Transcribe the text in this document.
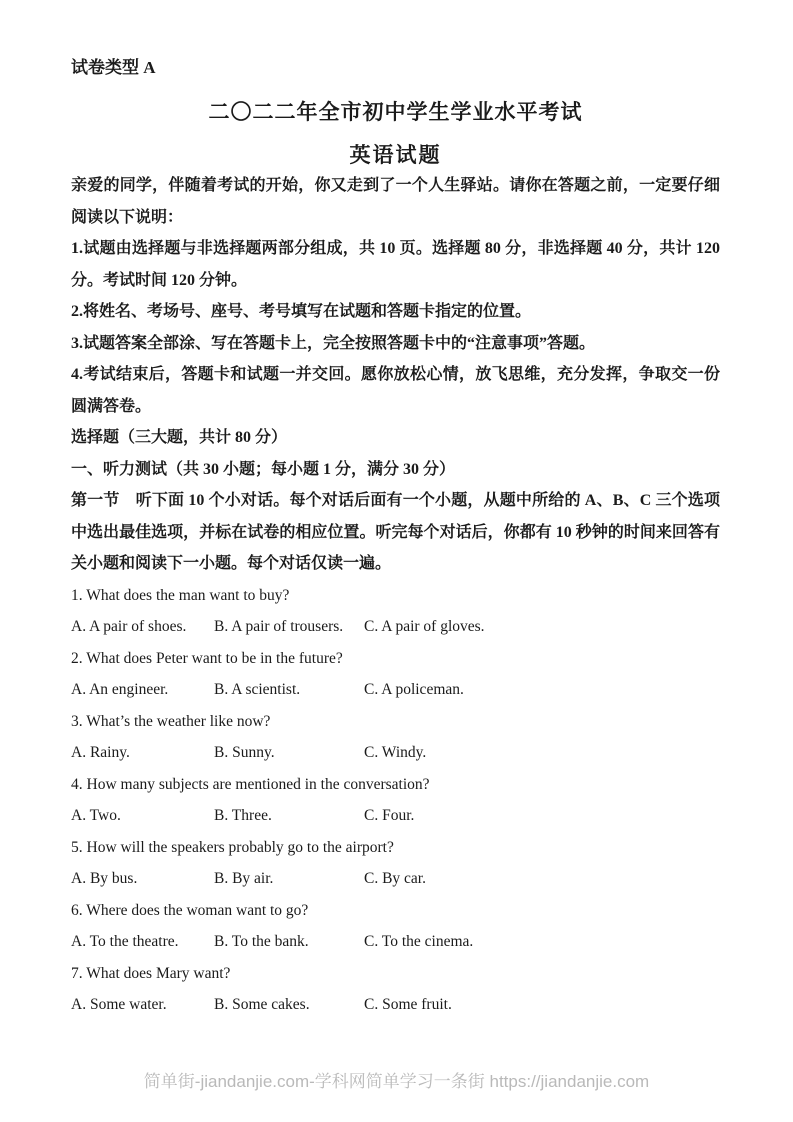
试卷类型 A
二〇二二年全市初中学生学业水平考试
英语试题

亲爱的同学，伴随着考试的开始，你又走到了一个人生驿站。请你在答题之前，一定要仔细阅读以下说明：

1.试题由选择题与非选择题两部分组成，共 10 页。选择题 80 分，非选择题 40 分，共计 120 分。考试时间 120 分钟。

2.将姓名、考场号、座号、考号填写在试题和答题卡指定的位置。

3.试题答案全部涂、写在答题卡上，完全按照答题卡中的“注意事项”答题。

4.考试结束后，答题卡和试题一并交回。愿你放松心情，放飞思维，充分发挥，争取交一份圆满答卷。

选择题（三大题，共计 80 分）

一、听力测试（共 30 小题；每小题 1 分，满分 30 分）

第一节　听下面 10 个小对话。每个对话后面有一个小题，从题中所给的 A、B、C 三个选项中选出最佳选项，并标在试卷的相应位置。听完每个对话后，你都有 10 秒钟的时间来回答有关小题和阅读下一小题。每个对话仅读一遍。

1. What does the man want to buy?
A. A pair of shoes.	B. A pair of trousers.	C. A pair of gloves.
2. What does Peter want to be in the future?
A. An engineer.	B. A scientist.	C. A policeman.
3. What’s the weather like now?
A. Rainy.	B. Sunny.	C. Windy.
4. How many subjects are mentioned in the conversation?
A. Two.	B. Three.	C. Four.
5. How will the speakers probably go to the airport?
A. By bus.	B. By air.	C. By car.
6. Where does the woman want to go?
A. To the theatre.	B. To the bank.	C. To the cinema.
7. What does Mary want?
A. Some water.	B. Some cakes.	C. Some fruit.
简单街-jiandanjie.com-学科网简单学习一条街 https://jiandanjie.com
